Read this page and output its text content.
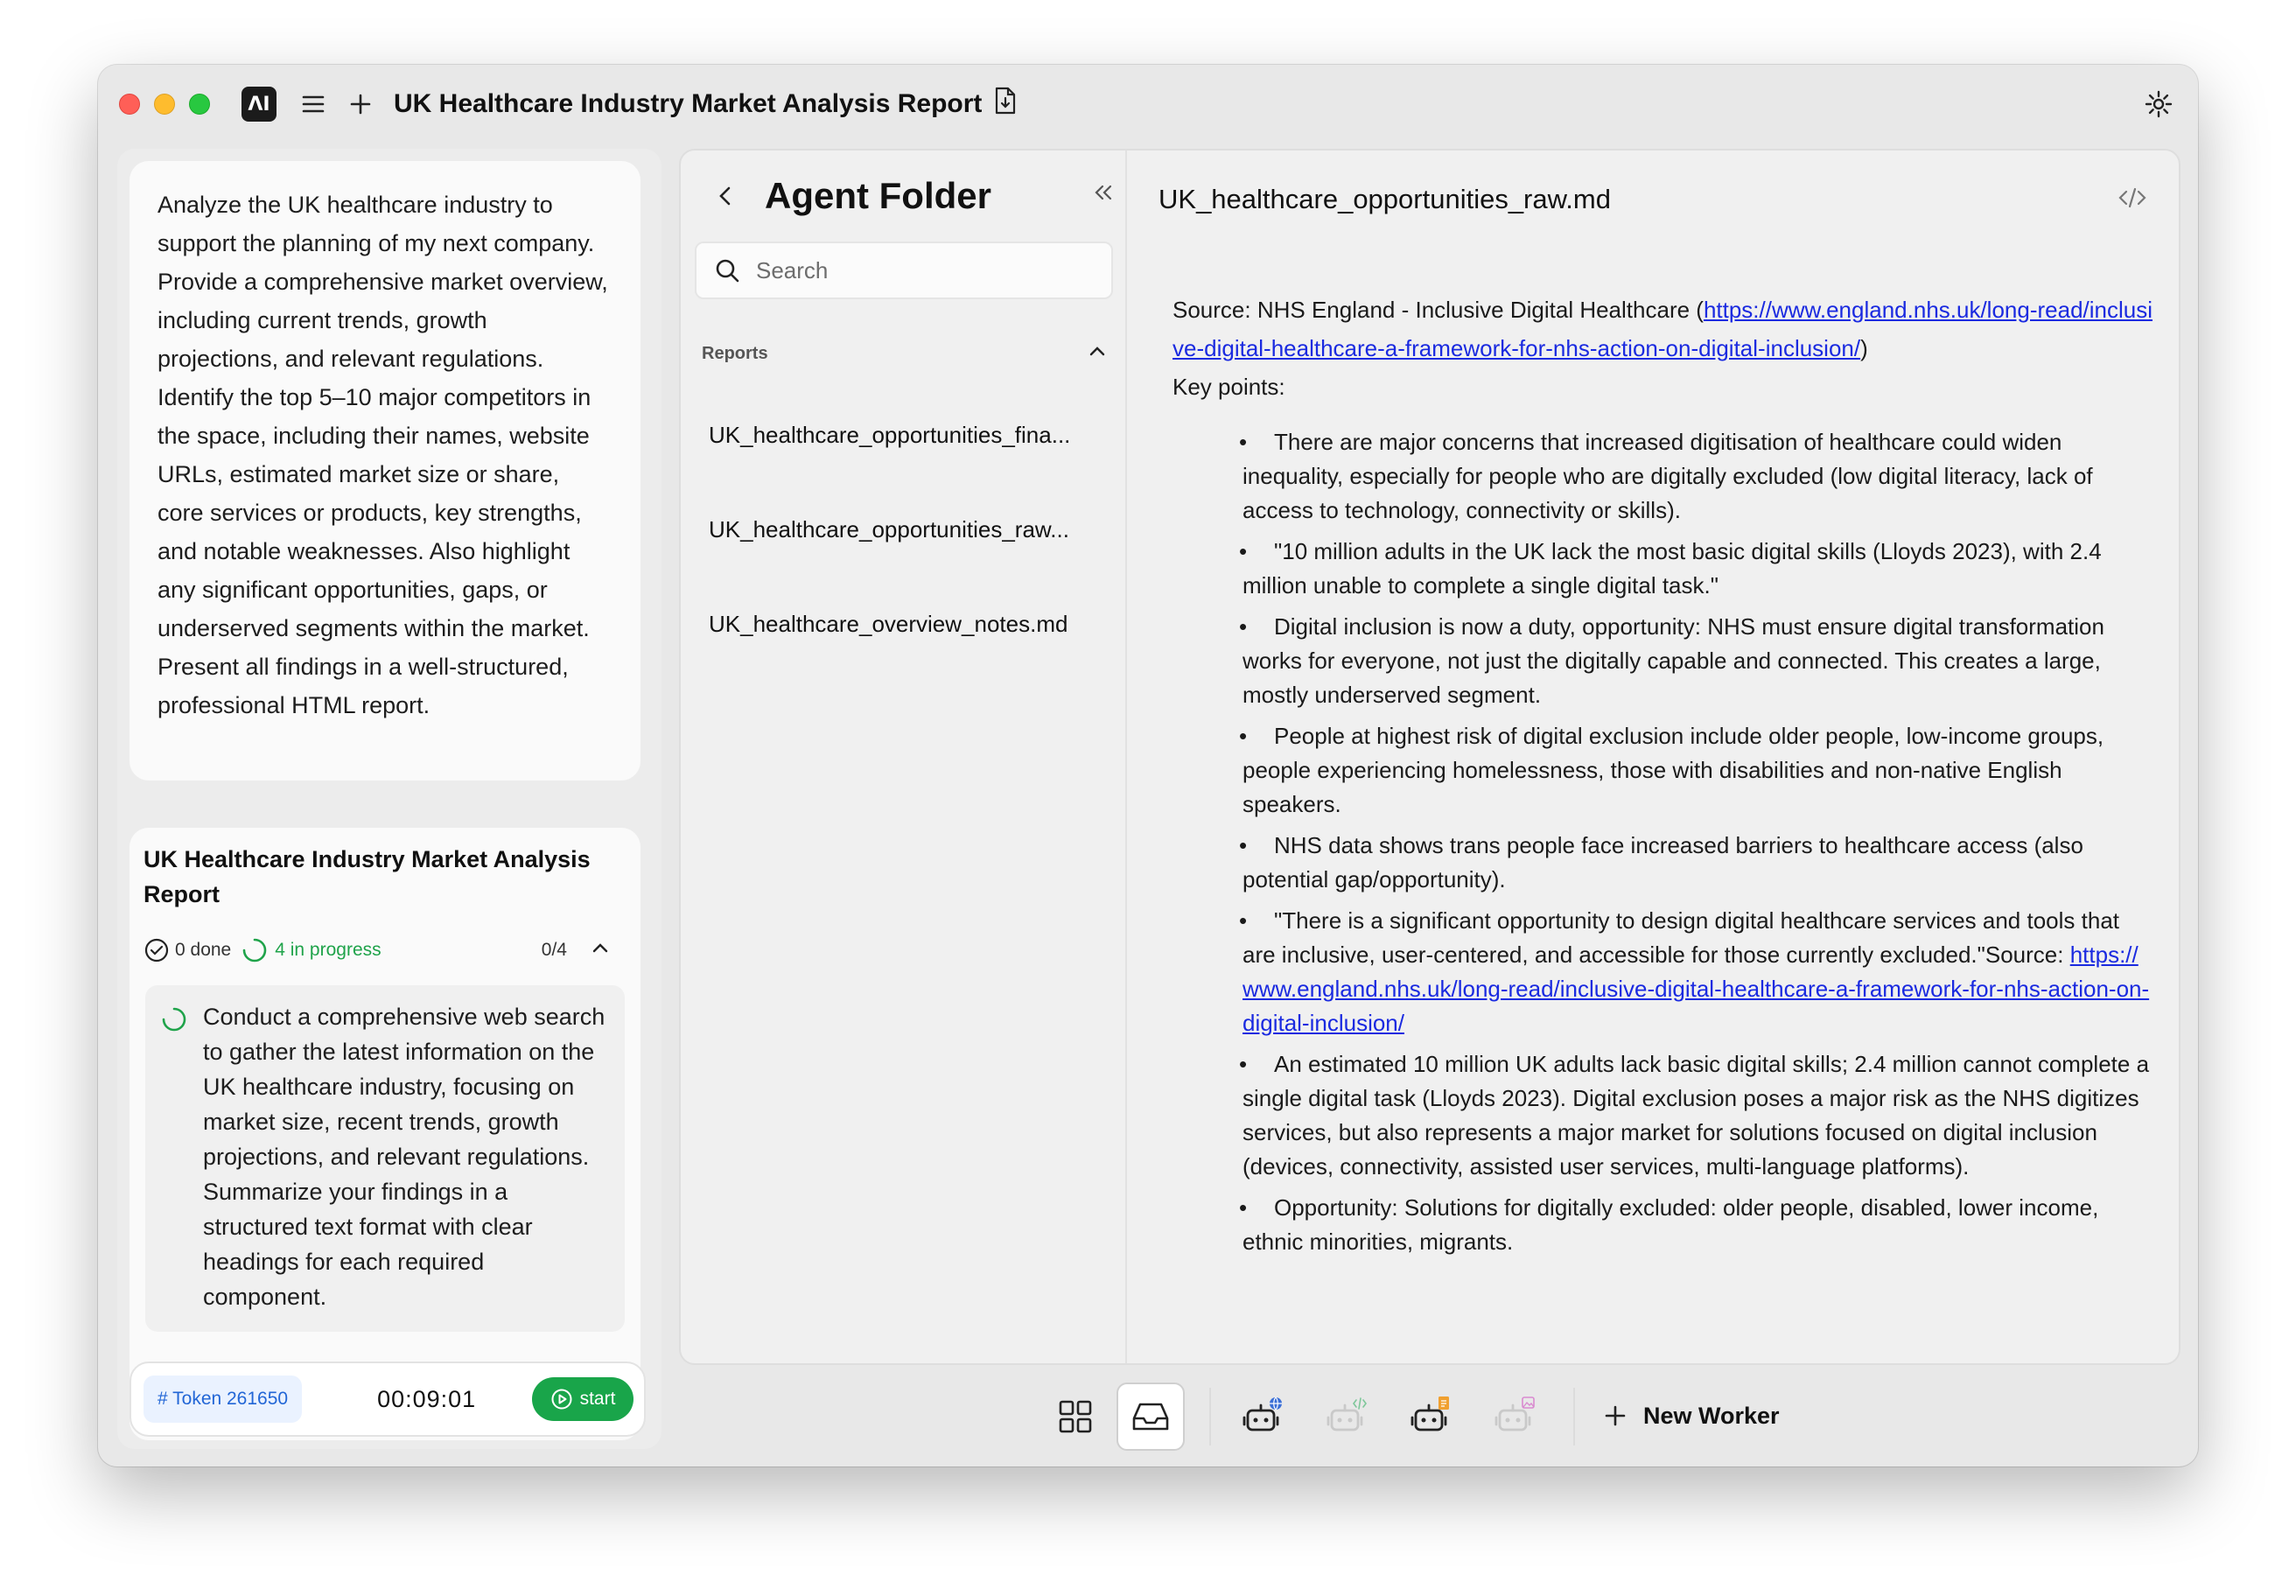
ΛI	UK Healthcare Industry Market Analysis Report
Analyze the UK healthcare industry to support the planning of my next company. Provide a comprehensive market overview, including current trends, growth projections, and relevant regulations. Identify the top 5–10 major competitors in the space, including their names, website URLs, estimated market size or share, core services or products, key strengths, and notable weaknesses. Also highlight any significant opportunities, gaps, or underserved segments within the market. Present all findings in a well-structured, professional HTML report.
UK Healthcare Industry Market Analysis Report
0 done 4 in progress	0/4
Conduct a comprehensive web search to gather the latest information on the UK healthcare industry, focusing on market size, recent trends, growth projections, and relevant regulations. Summarize your findings in a structured text format with clear headings for each required component.
# Token 261650	00:09:01	start
Agent Folder
Search
Reports
UK_healthcare_opportunities_fina...
UK_healthcare_opportunities_raw...
UK_healthcare_overview_notes.md
UK_healthcare_opportunities_raw.md
Source: NHS England - Inclusive Digital Healthcare (https://www.england.nhs.uk/long-read/inclusive-digital-healthcare-a-framework-for-nhs-action-on-digital-inclusion/)
Key points:
• There are major concerns that increased digitisation of healthcare could widen inequality, especially for people who are digitally excluded (low digital literacy, lack of access to technology, connectivity or skills).
• "10 million adults in the UK lack the most basic digital skills (Lloyds 2023), with 2.4 million unable to complete a single digital task."
• Digital inclusion is now a duty, opportunity: NHS must ensure digital transformation works for everyone, not just the digitally capable and connected. This creates a large, mostly underserved segment.
• People at highest risk of digital exclusion include older people, low-income groups, people experiencing homelessness, those with disabilities and non-native English speakers.
• NHS data shows trans people face increased barriers to healthcare access (also potential gap/opportunity).
• "There is a significant opportunity to design digital healthcare services and tools that are inclusive, user-centered, and accessible for those currently excluded."Source: https://www.england.nhs.uk/long-read/inclusive-digital-healthcare-a-framework-for-nhs-action-on-digital-inclusion/
• An estimated 10 million UK adults lack basic digital skills; 2.4 million cannot complete a single digital task (Lloyds 2023). Digital exclusion poses a major risk as the NHS digitizes services, but also represents a major market for solutions focused on digital inclusion (devices, connectivity, assisted user services, multi-language platforms).
• Opportunity: Solutions for digitally excluded: older people, disabled, lower income, ethnic minorities, migrants.
New Worker
